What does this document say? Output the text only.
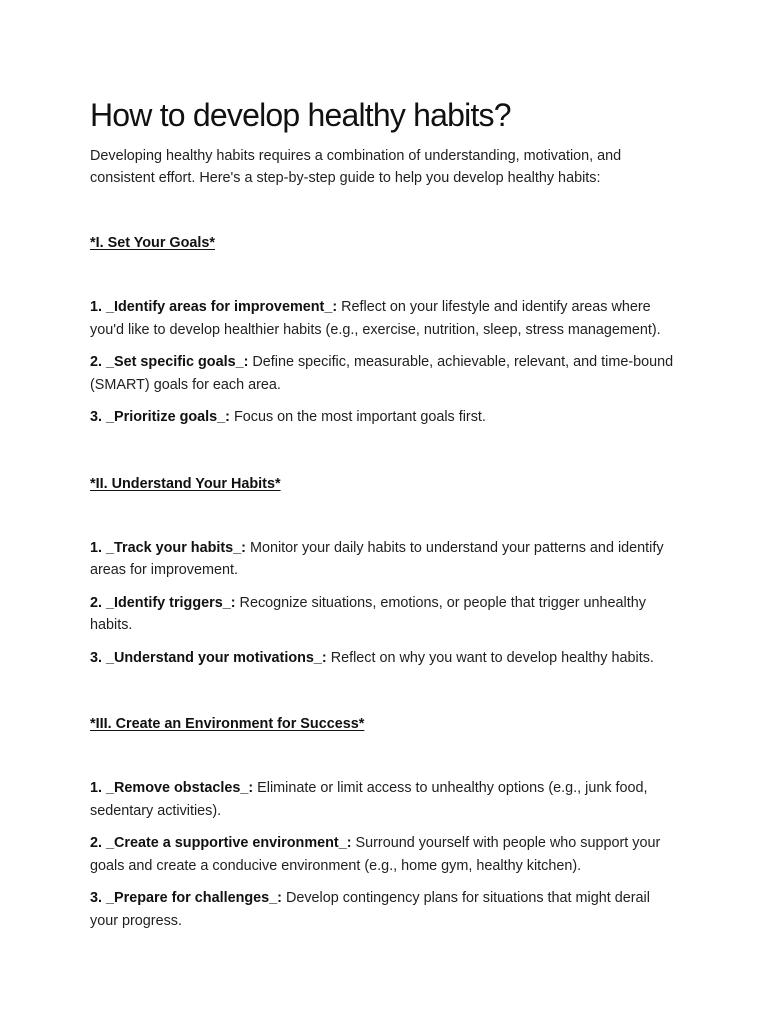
How to develop healthy habits?

Developing healthy habits requires a combination of understanding, motivation, and consistent effort. Here's a step-by-step guide to help you develop healthy habits:

*I. Set Your Goals*

1. _Identify areas for improvement_: Reflect on your lifestyle and identify areas where you'd like to develop healthier habits (e.g., exercise, nutrition, sleep, stress management).

2. _Set specific goals_: Define specific, measurable, achievable, relevant, and time-bound (SMART) goals for each area.

3. _Prioritize goals_: Focus on the most important goals first.

*II. Understand Your Habits*

1. _Track your habits_: Monitor your daily habits to understand your patterns and identify areas for improvement.

2. _Identify triggers_: Recognize situations, emotions, or people that trigger unhealthy habits.

3. _Understand your motivations_: Reflect on why you want to develop healthy habits.

*III. Create an Environment for Success*

1. _Remove obstacles_: Eliminate or limit access to unhealthy options (e.g., junk food, sedentary activities).

2. _Create a supportive environment_: Surround yourself with people who support your goals and create a conducive environment (e.g., home gym, healthy kitchen).

3. _Prepare for challenges_: Develop contingency plans for situations that might derail your progress.
